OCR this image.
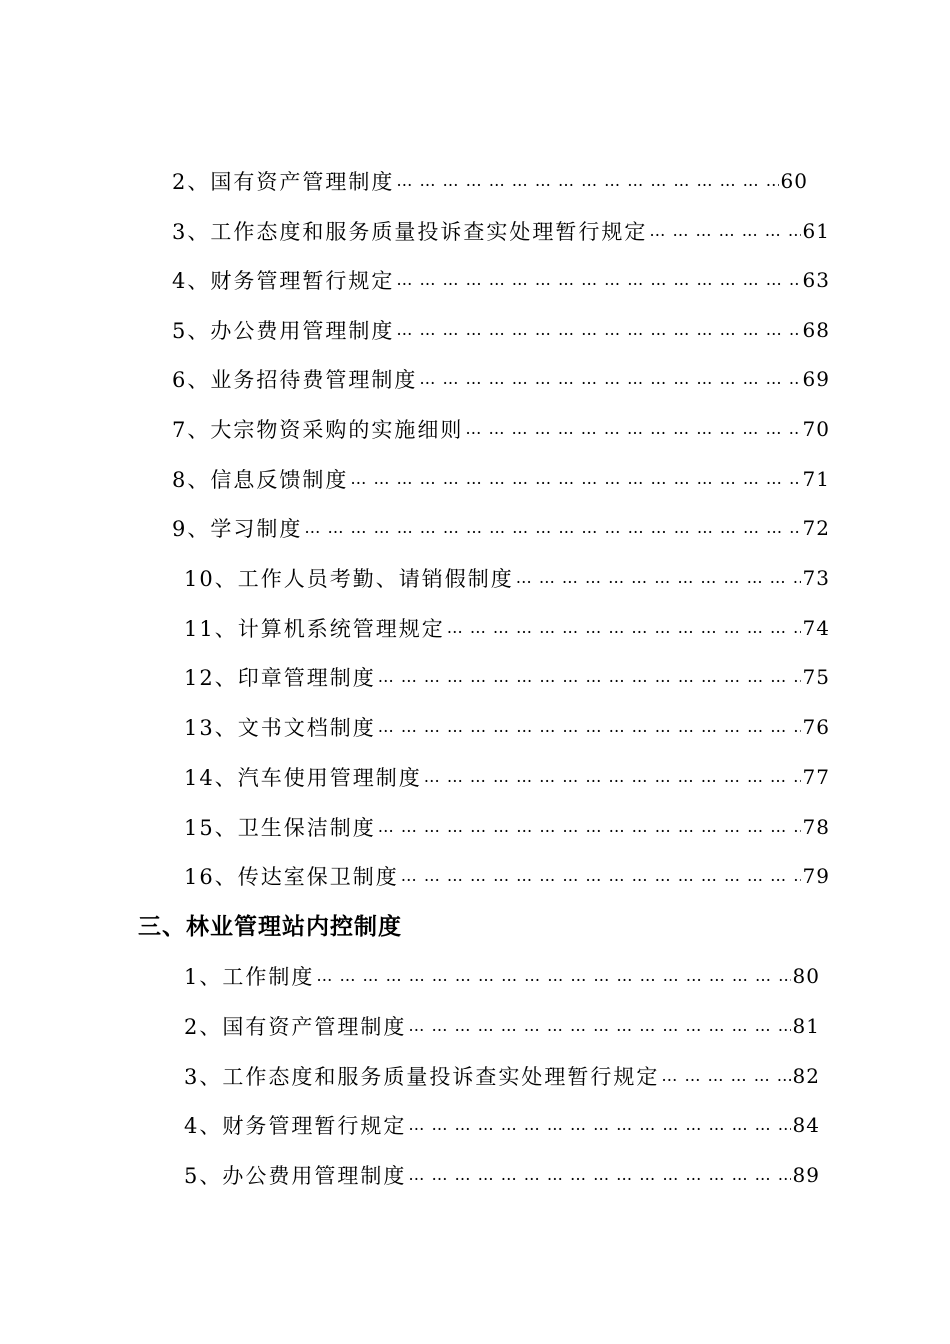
2、国有资产管理制度 … … … … … … … … … … … … … … … … … … … … … … … … … … … … … … … … … … … … … … … … … … … … … … … … … … … … … … … … … … … …	60
3、工作态度和服务质量投诉查实处理暂行规定 … … … … … … … … … … … … … … … … … … … … … … … … … … … … … … … … … … … … … … … … … … … … … … … … … … … … … … … … … … … …	61
4、财务管理暂行规定 … … … … … … … … … … … … … … … … … … … … … … … … … … … … … … … … … … … … … … … … … … … … … … … … … … … … … … … … … … … …	63
5、办公费用管理制度 … … … … … … … … … … … … … … … … … … … … … … … … … … … … … … … … … … … … … … … … … … … … … … … … … … … … … … … … … … … …	68
6、业务招待费管理制度 … … … … … … … … … … … … … … … … … … … … … … … … … … … … … … … … … … … … … … … … … … … … … … … … … … … … … … … … … … … …	69
7、大宗物资采购的实施细则 … … … … … … … … … … … … … … … … … … … … … … … … … … … … … … … … … … … … … … … … … … … … … … … … … … … … … … … … … … … …	70
8、信息反馈制度 … … … … … … … … … … … … … … … … … … … … … … … … … … … … … … … … … … … … … … … … … … … … … … … … … … … … … … … … … … … …	71
9、学习制度 … … … … … … … … … … … … … … … … … … … … … … … … … … … … … … … … … … … … … … … … … … … … … … … … … … … … … … … … … … … …	72
10、工作人员考勤、请销假制度 … … … … … … … … … … … … … … … … … … … … … … … … … … … … … … … … … … … … … … … … … … … … … … … … … … … … … … … … … … … …	73
11、计算机系统管理规定 … … … … … … … … … … … … … … … … … … … … … … … … … … … … … … … … … … … … … … … … … … … … … … … … … … … … … … … … … … … …	74
12、印章管理制度 … … … … … … … … … … … … … … … … … … … … … … … … … … … … … … … … … … … … … … … … … … … … … … … … … … … … … … … … … … … …	75
13、文书文档制度 … … … … … … … … … … … … … … … … … … … … … … … … … … … … … … … … … … … … … … … … … … … … … … … … … … … … … … … … … … … …	76
14、汽车使用管理制度 … … … … … … … … … … … … … … … … … … … … … … … … … … … … … … … … … … … … … … … … … … … … … … … … … … … … … … … … … … … …	77
15、卫生保洁制度 … … … … … … … … … … … … … … … … … … … … … … … … … … … … … … … … … … … … … … … … … … … … … … … … … … … … … … … … … … … …	78
16、传达室保卫制度 … … … … … … … … … … … … … … … … … … … … … … … … … … … … … … … … … … … … … … … … … … … … … … … … … … … … … … … … … … … …	79
三、林业管理站内控制度
1、工作制度 … … … … … … … … … … … … … … … … … … … … … … … … … … … … … … … … … … … … … … … … … … … … … … … … … … … … … … … … … … … …	80
2、国有资产管理制度 … … … … … … … … … … … … … … … … … … … … … … … … … … … … … … … … … … … … … … … … … … … … … … … … … … … … … … … … … … … …	81
3、工作态度和服务质量投诉查实处理暂行规定 … … … … … … … … … … … … … … … … … … … … … … … … … … … … … … … … … … … … … … … … … … … … … … … … … … … … … … … … … … … …	82
4、财务管理暂行规定 … … … … … … … … … … … … … … … … … … … … … … … … … … … … … … … … … … … … … … … … … … … … … … … … … … … … … … … … … … … …	84
5、办公费用管理制度 … … … … … … … … … … … … … … … … … … … … … … … … … … … … … … … … … … … … … … … … … … … … … … … … … … … … … … … … … … … …	89
